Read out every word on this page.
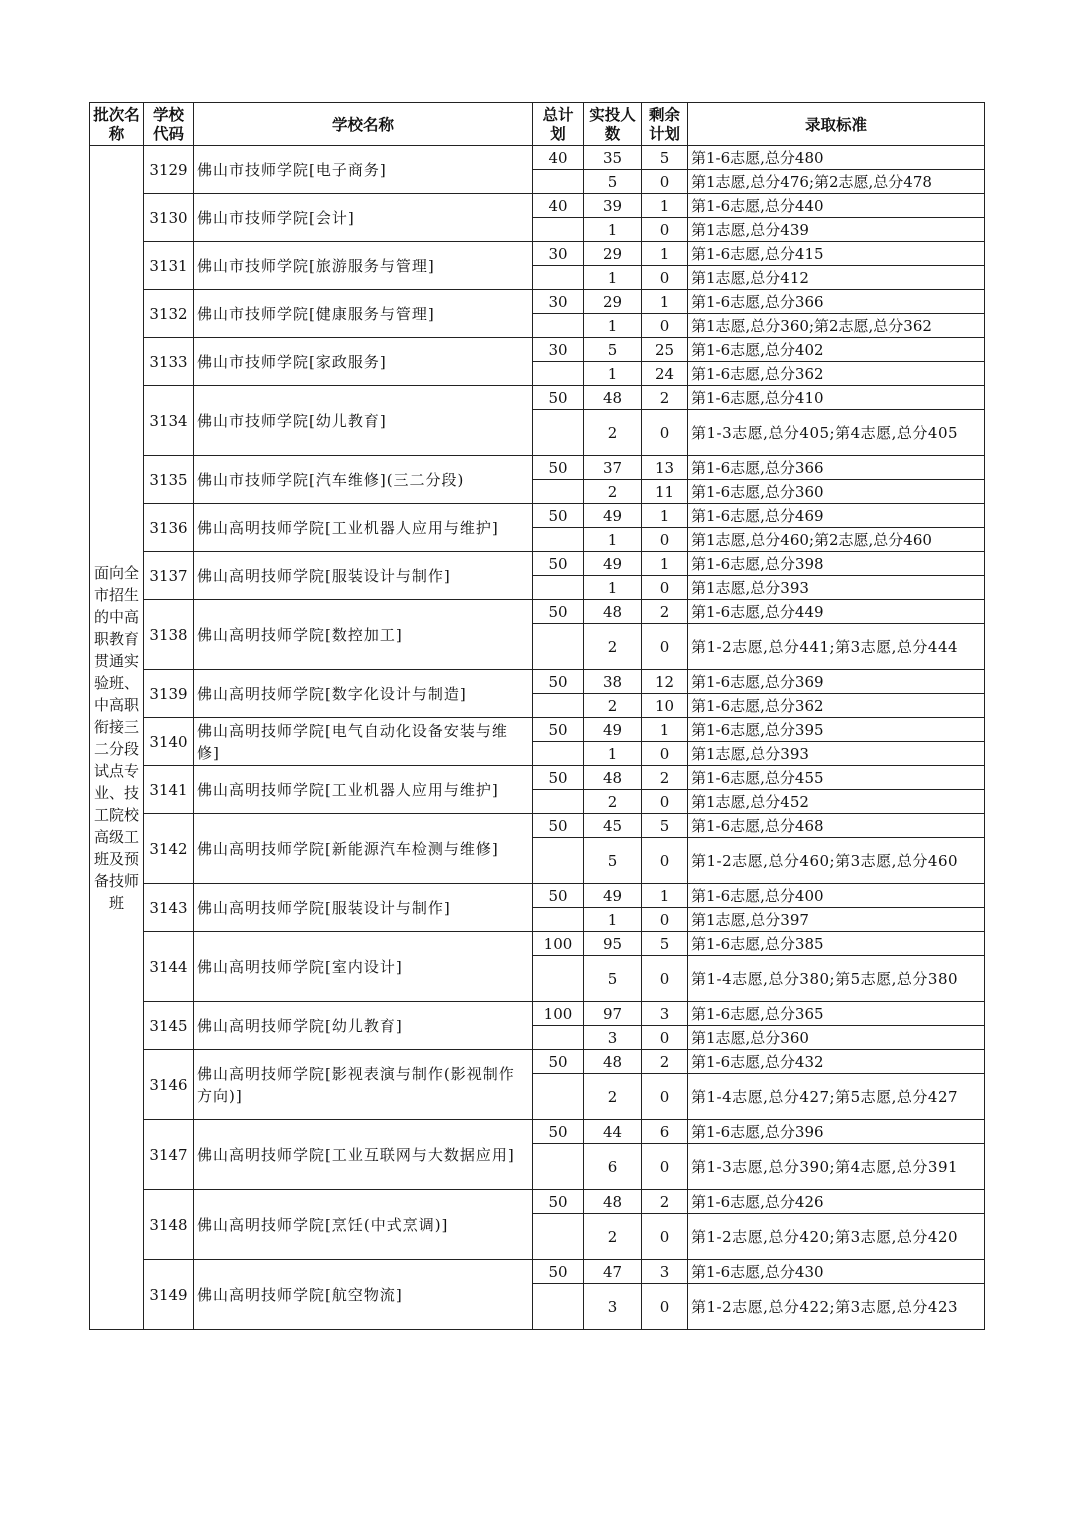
批次名称	学校代码	学校名称	总计划	实投人数	剩余计划	录取标准
面向全市招生的中高职教育贯通实验班、中高职衔接三二分段试点专业、技工院校高级工班及预备技师班	3129	佛山市技师学院[电子商务]	40	35	5	第1-6志愿,总分480
				5	0	第1志愿,总分476;第2志愿,总分478
	3130	佛山市技师学院[会计]	40	39	1	第1-6志愿,总分440
				1	0	第1志愿,总分439
	3131	佛山市技师学院[旅游服务与管理]	30	29	1	第1-6志愿,总分415
				1	0	第1志愿,总分412
	3132	佛山市技师学院[健康服务与管理]	30	29	1	第1-6志愿,总分366
				1	0	第1志愿,总分360;第2志愿,总分362
	3133	佛山市技师学院[家政服务]	30	5	25	第1-6志愿,总分402
				1	24	第1-6志愿,总分362
	3134	佛山市技师学院[幼儿教育]	50	48	2	第1-6志愿,总分410
				2	0	第1-3志愿,总分405;第4志愿,总分405
	3135	佛山市技师学院[汽车维修](三二分段)	50	37	13	第1-6志愿,总分366
				2	11	第1-6志愿,总分360
	3136	佛山高明技师学院[工业机器人应用与维护]	50	49	1	第1-6志愿,总分469
				1	0	第1志愿,总分460;第2志愿,总分460
	3137	佛山高明技师学院[服装设计与制作]	50	49	1	第1-6志愿,总分398
				1	0	第1志愿,总分393
	3138	佛山高明技师学院[数控加工]	50	48	2	第1-6志愿,总分449
				2	0	第1-2志愿,总分441;第3志愿,总分444
	3139	佛山高明技师学院[数字化设计与制造]	50	38	12	第1-6志愿,总分369
				2	10	第1-6志愿,总分362
	3140	佛山高明技师学院[电气自动化设备安装与维修]	50	49	1	第1-6志愿,总分395
				1	0	第1志愿,总分393
	3141	佛山高明技师学院[工业机器人应用与维护]	50	48	2	第1-6志愿,总分455
				2	0	第1志愿,总分452
	3142	佛山高明技师学院[新能源汽车检测与维修]	50	45	5	第1-6志愿,总分468
				5	0	第1-2志愿,总分460;第3志愿,总分460
	3143	佛山高明技师学院[服装设计与制作]	50	49	1	第1-6志愿,总分400
				1	0	第1志愿,总分397
	3144	佛山高明技师学院[室内设计]	100	95	5	第1-6志愿,总分385
				5	0	第1-4志愿,总分380;第5志愿,总分380
	3145	佛山高明技师学院[幼儿教育]	100	97	3	第1-6志愿,总分365
				3	0	第1志愿,总分360
	3146	佛山高明技师学院[影视表演与制作(影视制作方向)]	50	48	2	第1-6志愿,总分432
				2	0	第1-4志愿,总分427;第5志愿,总分427
	3147	佛山高明技师学院[工业互联网与大数据应用]	50	44	6	第1-6志愿,总分396
				6	0	第1-3志愿,总分390;第4志愿,总分391
	3148	佛山高明技师学院[烹饪(中式烹调)]	50	48	2	第1-6志愿,总分426
				2	0	第1-2志愿,总分420;第3志愿,总分420
	3149	佛山高明技师学院[航空物流]	50	47	3	第1-6志愿,总分430
				3	0	第1-2志愿,总分422;第3志愿,总分423
